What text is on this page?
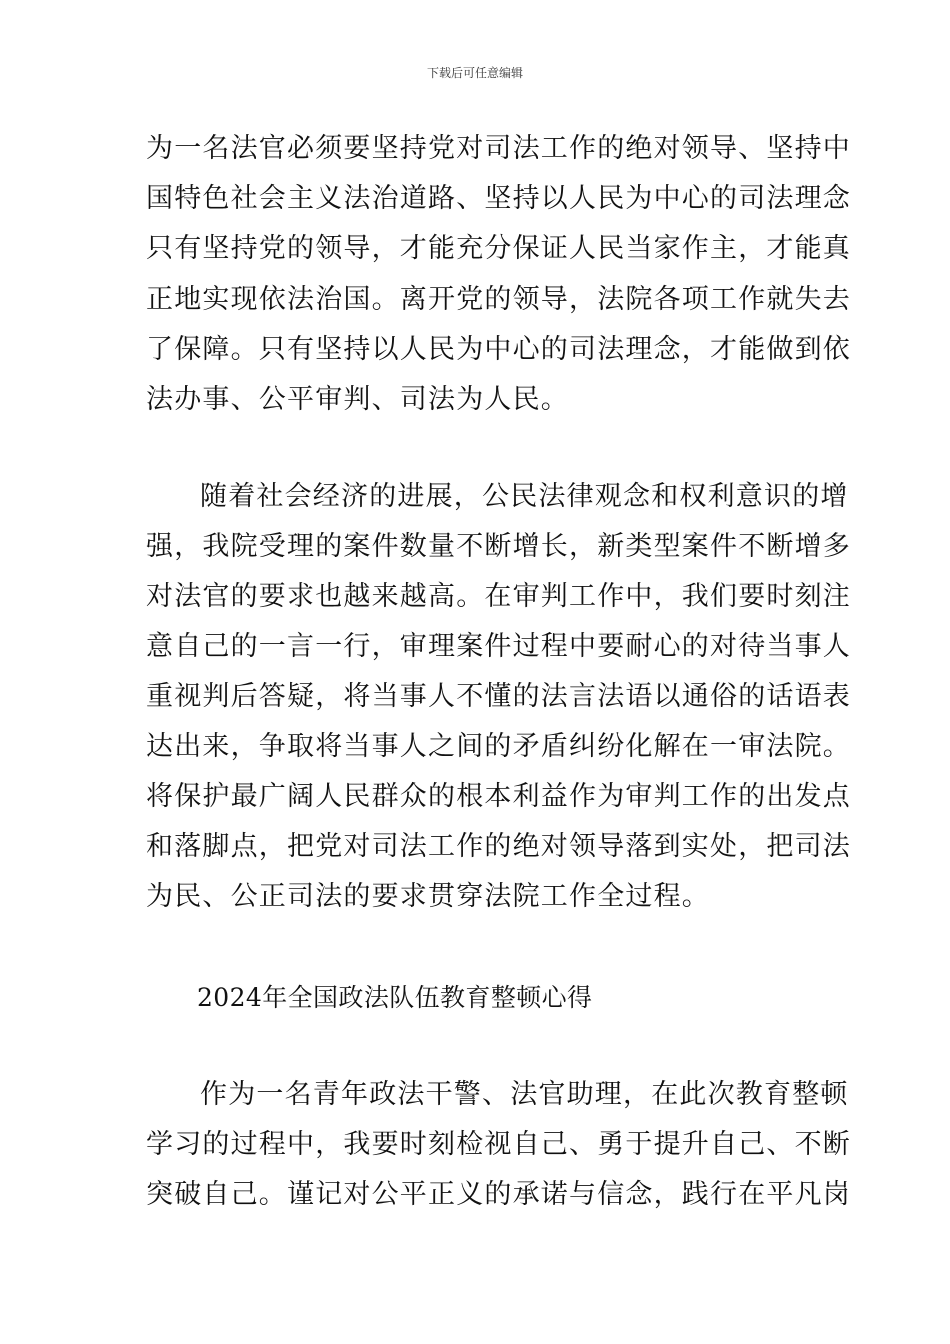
下载后可任意编辑
为一名法官必须要坚持党对司法工作的绝对领导、坚持中
国特色社会主义法治道路、坚持以人民为中心的司法理念
只有坚持党的领导，才能充分保证人民当家作主，才能真
正地实现依法治国。离开党的领导，法院各项工作就失去
了保障。只有坚持以人民为中心的司法理念，才能做到依
法办事、公平审判、司法为人民。
随着社会经济的进展，公民法律观念和权利意识的增
强，我院受理的案件数量不断增长，新类型案件不断增多
对法官的要求也越来越高。在审判工作中，我们要时刻注
意自己的一言一行，审理案件过程中要耐心的对待当事人
重视判后答疑，将当事人不懂的法言法语以通俗的话语表
达出来，争取将当事人之间的矛盾纠纷化解在一审法院。
将保护最广阔人民群众的根本利益作为审判工作的出发点
和落脚点，把党对司法工作的绝对领导落到实处，把司法
为民、公正司法的要求贯穿法院工作全过程。
2024年全国政法队伍教育整顿心得
作为一名青年政法干警、法官助理，在此次教育整顿
学习的过程中，我要时刻检视自己、勇于提升自己、不断
突破自己。谨记对公平正义的承诺与信念，践行在平凡岗
